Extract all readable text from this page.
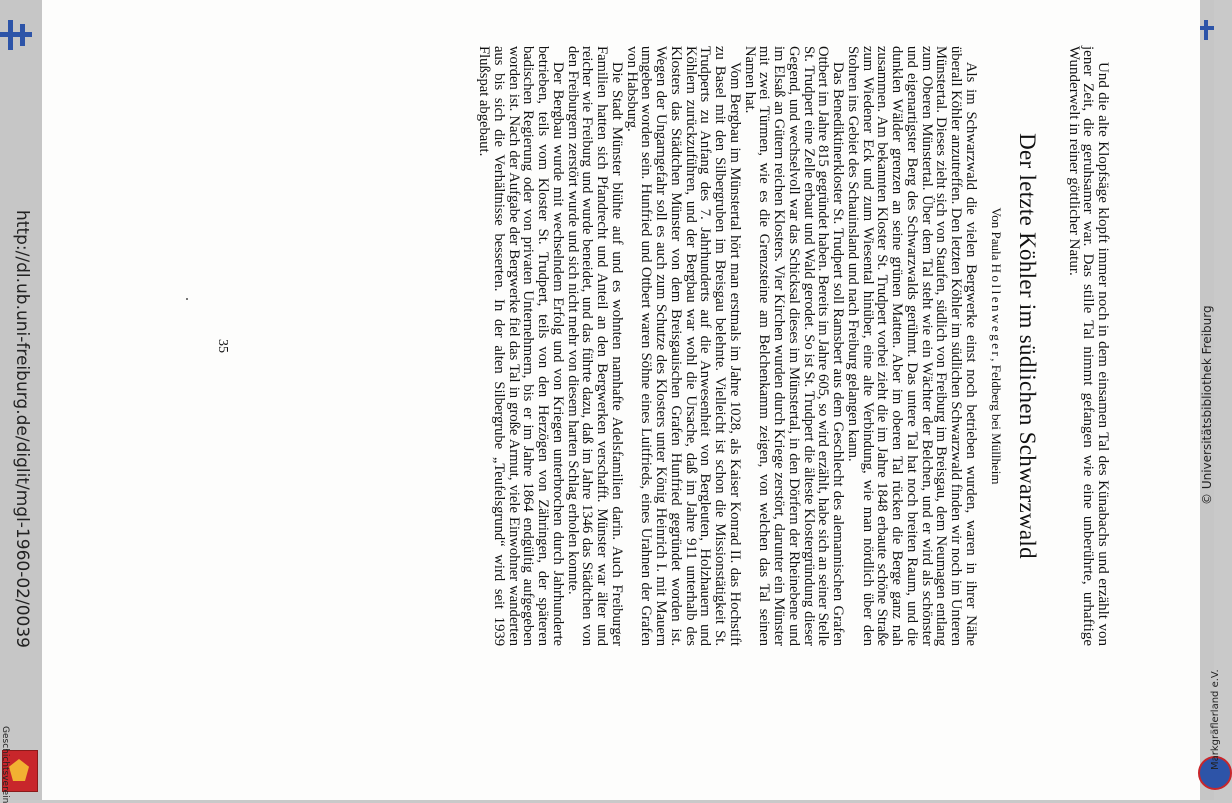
http://dl.ub.uni-freiburg.de/diglit/mgl-1960-02/0039	© Universitätsbibliothek Freiburg
Markgräflerland e.V.
Geschichtsverein
Und die alte Klopfsäge klopft immer noch in dem einsamen Tal des Künabachs und erzählt von jener Zeit, die geruhsamer war. Das stille Tal nimmt gefangen wie eine unberührte, urhaftige Wunderwelt in reiner göttlicher Natur.
Der letzte Köhler im südlichen Schwarzwald
Von Paula Hollenweger, Feldberg bei Müllheim

Als im Schwarzwald die vielen Bergwerke einst noch betrieben wurden, waren in ihrer Nähe überall Köhler anzutreffen. Den letzten Köhler im südlichen Schwarzwald finden wir noch im Unteren Münstertal. Dieses zieht sich von Staufen, südlich von Freiburg im Breisgau, dem Neumagen entlang zum Oberen Münstertal. Über dem Tal steht wie ein Wächter der Belchen, und er wird als schönster und eigenartigster Berg des Schwarzwalds gerühmt. Das untere Tal hat noch breiten Raum, und die dunklen Wälder grenzen an seine grünen Matten. Aber im oberen Tal rücken die Berge ganz nah zusammen. Am bekannten Kloster St. Trudpert vorbei zieht die im Jahre 1848 erbaute schöne Straße zum Wiedener Eck und zum Wiesental hinüber, eine alte Verbindung, wie man nördlich über den Stohren ins Gebiet des Schauinsland und nach Freiburg gelangen kann.

Das Benediktinerkloster St. Trudpert soll Ramsbert aus dem Geschlecht des alemannischen Grafen Ottbert im Jahre 815 gegründet haben. Bereits im Jahre 605, so wird erzählt, habe sich an seiner Stelle St. Trudpert eine Zelle erbaut und Wald gerodet. So ist St. Trudpert die älteste Klostergründung dieser Gegend, und wechselvoll war das Schicksal dieses im Münstertal, in den Dörfern der Rheinebene und im Elsaß an Gütern reichen Klosters. Vier Kirchen wurden durch Kriege zerstört, darunter ein Münster mit zwei Türmen, wie es die Grenzsteine am Belchenkamm zeigen, von welchen das Tal seinen Namen hat.

Vom Bergbau im Münstertal hört man erstmals im Jahre 1028, als Kaiser Konrad II. das Hochstift zu Basel mit den Silbergruben im Breisgau belehnte. Vielleicht ist schon die Missionstätigkeit St. Trudperts zu Anfang des 7. Jahrhunderts auf die Anwesenheit von Bergleuten, Holzhauern und Köhlern zurückzuführen, und der Bergbau war wohl die Ursache, daß im Jahre 911 unterhalb des Klosters das Städtchen Münster von dem Breisgauischen Grafen Hunfried gegründet worden ist. Wegen der Ungarngefahr soll es auch zum Schutze des Klosters unter König Heinrich I. mit Mauern umgeben worden sein. Hunfried und Ottbert waren Söhne eines Luitfrieds, eines Urahnen der Grafen von Habsburg.

Die Stadt Münster blühte auf und es wohnten namhafte Adelsfamilien darin. Auch Freiburger Familien hatten sich Pfandrecht und Anteil an den Bergwerken verschafft. Münster war älter und reicher wie Freiburg und wurde beneidet, und das führte dazu, daß im Jahre 1346 das Städtchen von den Freiburgern zerstört wurde und sich nicht mehr von diesem harten Schlag erholen konnte.

Der Bergbau wurde mit wechselndem Erfolg und von Kriegen unterbrochen durch Jahrhunderte betrieben, teils vom Kloster St. Trudpert, teils von den Herzögen von Zähringen, der späteren badischen Regierung oder von privaten Unternehmern, bis er im Jahre 1864 endgültig aufgegeben worden ist. Nach der Aufgabe der Bergwerke fiel das Tal in große Armut, viele Einwohner wanderten aus bis sich die Verhältnisse besserten. In der alten Silbergrube „Teufelsgrund“ wird seit 1939 Flußspat abgebaut.

35
